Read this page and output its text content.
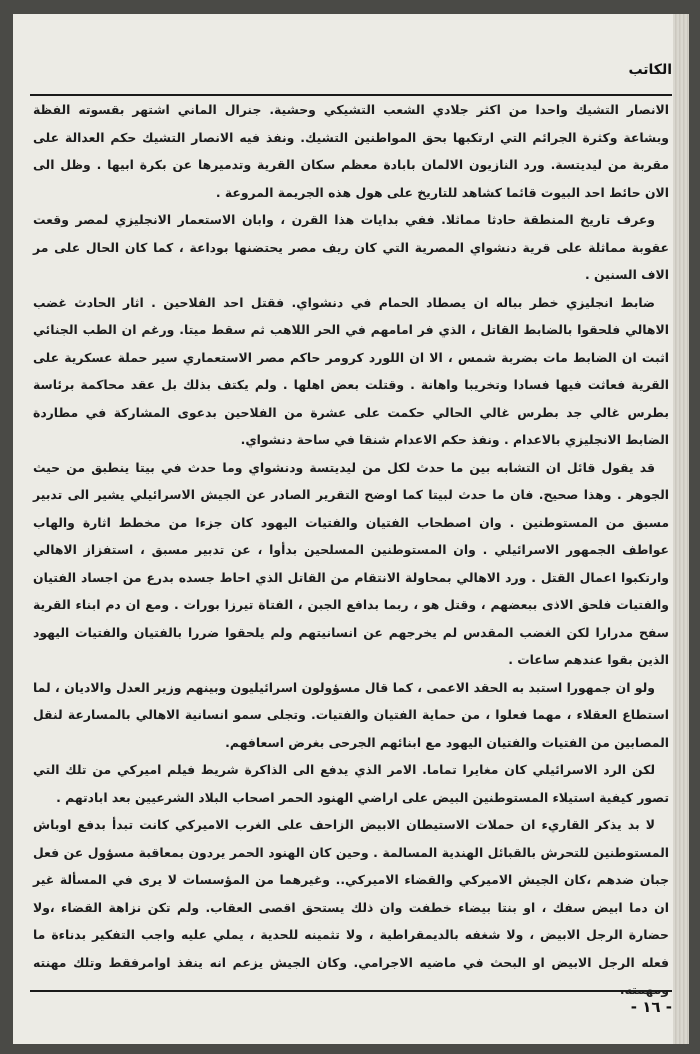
الكاتب

الانصار التشيك واحدا من اكثر جلادي الشعب التشيكي وحشية. جنرال الماني اشتهر بقسوته الفظة وبشاعة وكثرة الجرائم التي ارتكبها بحق المواطنين التشيك. ونفذ فيه الانصار التشيك حكم العدالة على مقربة من ليديتسة. ورد النازيون الالمان بابادة معظم سكان القرية وتدميرها عن بكرة ابيها . وظل الى الان حائط احد البيوت قائما كشاهد للتاريخ على هول هذه الجريمة المروعة .

وعرف تاريخ المنطقة حادثا مماثلا. ففي بدايات هذا القرن ، وابان الاستعمار الانجليزي لمصر وقعت عقوبة مماثلة على قرية دنشواي المصرية التي كان ريف مصر يحتضنها بوداعة ، كما كان الحال على مر الاف السنين .

ضابط انجليزي خطر بباله ان يصطاد الحمام في دنشواي. فقتل احد الفلاحين . اثار الحادث غضب الاهالي فلحقوا بالضابط القاتل ، الذي فر امامهم في الحر اللاهب ثم سقط ميتا. ورغم ان الطب الجنائي اثبت ان الضابط مات بضربة شمس ، الا ان اللورد كرومر حاكم مصر الاستعماري سير حملة عسكرية على القرية فعاثت فيها فسادا وتخريبا واهانة . وقتلت بعض اهلها . ولم يكتف بذلك بل عقد محاكمة برئاسة بطرس غالي جد بطرس غالي الحالي حكمت على عشرة من الفلاحين بدعوى المشاركة في مطاردة الضابط الانجليزي بالاعدام . ونفذ حكم الاعدام شنقا في ساحة دنشواي.

قد يقول قائل ان التشابه بين ما حدث لكل من ليديتسة ودنشواي وما حدث في بيتا ينطبق من حيث الجوهر . وهذا صحيح. فان ما حدث لبيتا كما اوضح التقرير الصادر عن الجيش الاسرائيلي يشير الى تدبير مسبق من المستوطنين . وان اصطحاب الفتيان والفتيات اليهود كان جزءا من مخطط اثارة والهاب عواطف الجمهور الاسرائيلي . وان المستوطنين المسلحين بدأوا ، عن تدبير مسبق ، استفزاز الاهالي وارتكبوا اعمال القتل . ورد الاهالي بمحاولة الانتقام من القاتل الذي احاط جسده بدرع من اجساد الفتيان والفتيات فلحق الاذى ببعضهم ، وقتل هو ، ربما بدافع الجبن ، الفتاة تيرزا بورات . ومع ان دم ابناء القرية سفح مدرارا لكن الغضب المقدس لم يخرجهم عن انسانيتهم ولم يلحقوا ضررا بالفتيان والفتيات اليهود الذين بقوا عندهم ساعات .

ولو ان جمهورا استبد به الحقد الاعمى ، كما قال مسؤولون اسرائيليون وبينهم وزير العدل والاديان ، لما استطاع العقلاء ، مهما فعلوا ، من حماية الفتيان والفتيات. وتجلى سمو انسانية الاهالي بالمسارعة لنقل المصابين من الفتيات والفتيان اليهود مع ابنائهم الجرحى بغرض اسعافهم.

لكن الرد الاسرائيلي كان مغايرا تماما. الامر الذي يدفع الى الذاكرة شريط فيلم اميركي من تلك التي تصور كيفية استيلاء المستوطنين البيض على اراضي الهنود الحمر اصحاب البلاد الشرعيين بعد ابادتهم .

لا بد يذكر القاريء ان حملات الاستيطان الابيض الزاحف على الغرب الاميركي كانت تبدأ بدفع اوباش المستوطنين للتحرش بالقبائل الهندية المسالمة . وحين كان الهنود الحمر يردون بمعاقبة مسؤول عن فعل جبان ضدهم ،كان الجيش الاميركي والقضاء الاميركي.. وغيرهما من المؤسسات لا يرى في المسألة غير ان دما ابيض سفك ، او بنتا بيضاء خطفت وان ذلك يستحق اقصى العقاب. ولم تكن نزاهة القضاء ،ولا حضارة الرجل الابيض ، ولا شغفه بالديمقراطية ، ولا تثمينه للحدية ، يملي عليه واجب التفكير بدناءة ما فعله الرجل الابيض او البحث في ماضيه الاجرامي. وكان الجيش يزعم انه ينفذ اوامرفقط وتلك مهنته ومهمته.

- ١٦ -
